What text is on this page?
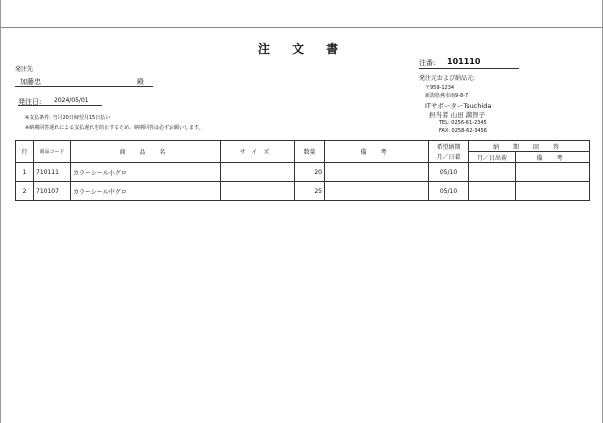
注 文 書
注番: 101110
発注先
加藤忠	殿
発注日: 2024/05/01
※支払条件: 当月20日締翌月15日払い
※納期回答遅れによる支払遅れを防止するため、納期回答は必ずお願いします。
発注元および納品元:
〒959-1234
新潟県燕市南9-8-7
ITサポーターTsuchida
担当者 山田 満智子
TEL: 0256-61-2345
FAX: 0258-62-3456
行	商品コード	商 品 名	サイズ	数量	備 考	希望納期	納 期 回 答	
						月／日着	月／日出荷	備 考
1	710111	カラーシール小グロ		20		05/10		
2	710107	カラーシール中グロ		25		05/10		
